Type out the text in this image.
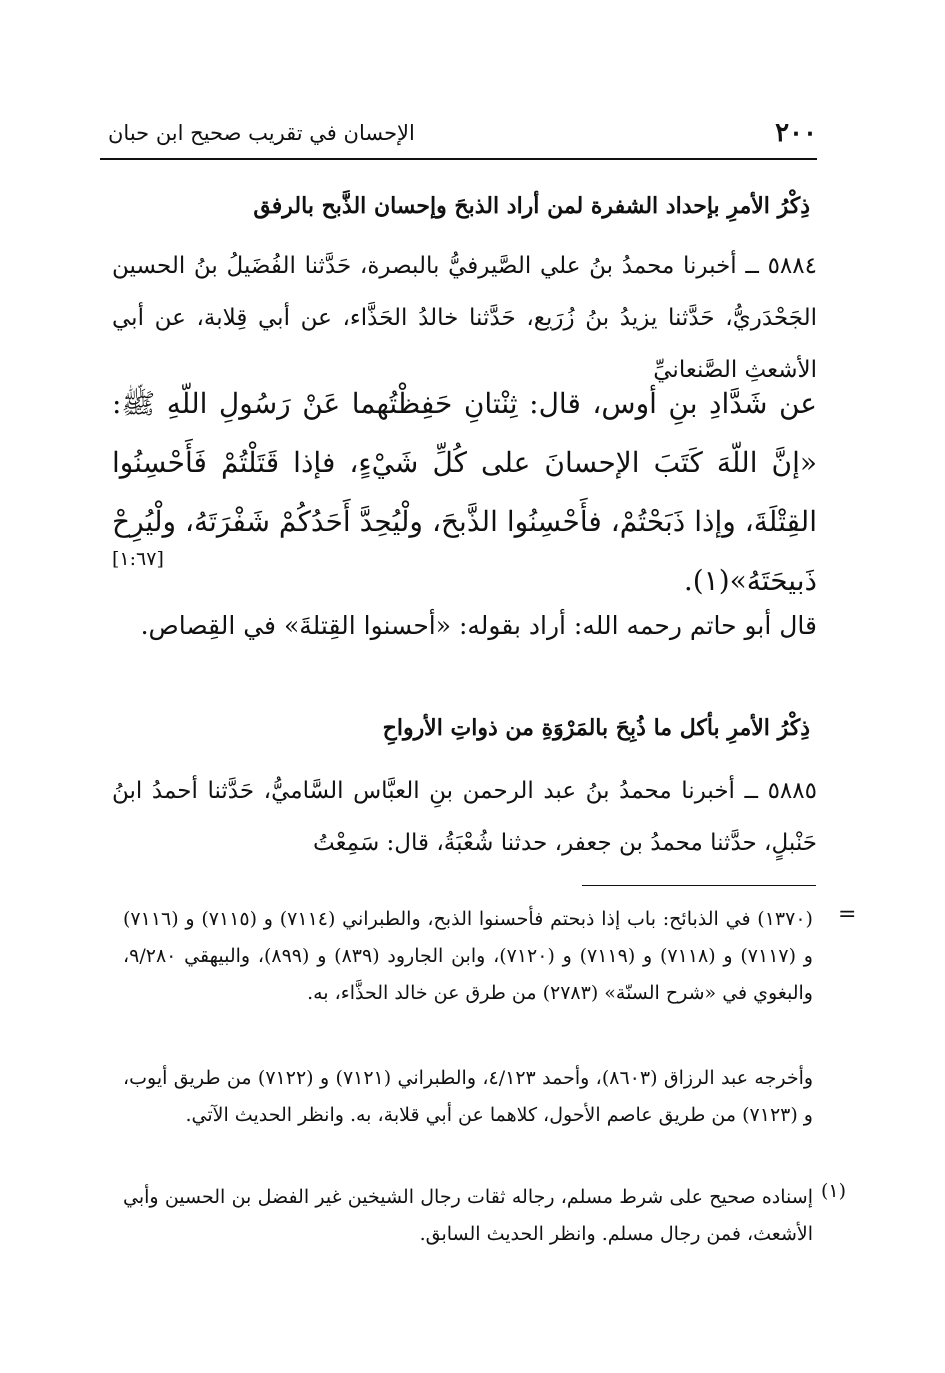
٢٠٠
الإحسان في تقريب صحيح ابن حبان
ذِكْرُ الأمرِ بإحداد الشفرة لمن أراد الذبحَ وإحسان الذَّبح بالرفق
٥٨٨٤ ــ أخبرنا محمدُ بنُ علي الصَّيرفيُّ بالبصرة، حَدَّثنا الفُضَيلُ بنُ الحسين الجَحْدَريُّ، حَدَّثنا يزيدُ بنُ زُرَيع، حَدَّثنا خالدُ الحَذَّاء، عن أبي قِلابة، عن أبي الأشعثِ الصَّنعانيِّ
عن شَدَّادِ بنِ أوس، قال: ثِنْتانِ حَفِظْتُهما عَنْ رَسُولِ اللّهِ ﷺ: «إنَّ اللّهَ كَتَبَ الإحسانَ على كُلِّ شَيْءٍ، فإذا قَتَلْتُمْ فَأَحْسِنُوا القِتْلَةَ، وإذا ذَبَحْتُمْ، فأَحْسِنُوا الذَّبحَ، ولْيُحِدَّ أَحَدُكُمْ شَفْرَتَهُ، ولْيُرِحْ ذَبيحَتَهُ»(١).
[١:٦٧]
قال أبو حاتم رحمه الله: أراد بقوله: «أحسنوا القِتلةَ» في القِصاص.
ذِكْرُ الأمرِ بأكل ما ذُبِحَ بالمَرْوَةِ من ذواتِ الأرواحِ
٥٨٨٥ ــ أخبرنا محمدُ بنُ عبد الرحمن بنِ العبَّاس السَّاميُّ، حَدَّثنا أحمدُ ابنُ حَنْبلٍ، حدَّثنا محمدُ بن جعفر، حدثنا شُعْبَةُ، قال: سَمِعْتُ
=
(١٣٧٠) في الذبائح: باب إذا ذبحتم فأحسنوا الذبح، والطبراني (٧١١٤) و (٧١١٥) و (٧١١٦) و (٧١١٧) و (٧١١٨) و (٧١١٩) و (٧١٢٠)، وابن الجارود (٨٣٩) و (٨٩٩)، والبيهقي ٩/٢٨٠، والبغوي في «شرح السنّة» (٢٧٨٣) من طرق عن خالد الحذَّاء، به.
وأخرجه عبد الرزاق (٨٦٠٣)، وأحمد ٤/١٢٣، والطبراني (٧١٢١) و (٧١٢٢) من طريق أيوب، و (٧١٢٣) من طريق عاصم الأحول، كلاهما عن أبي قلابة، به. وانظر الحديث الآتي.
(١)
إسناده صحيح على شرط مسلم، رجاله ثقات رجال الشيخين غير الفضل بن الحسين وأبي الأشعث، فمن رجال مسلم. وانظر الحديث السابق.
